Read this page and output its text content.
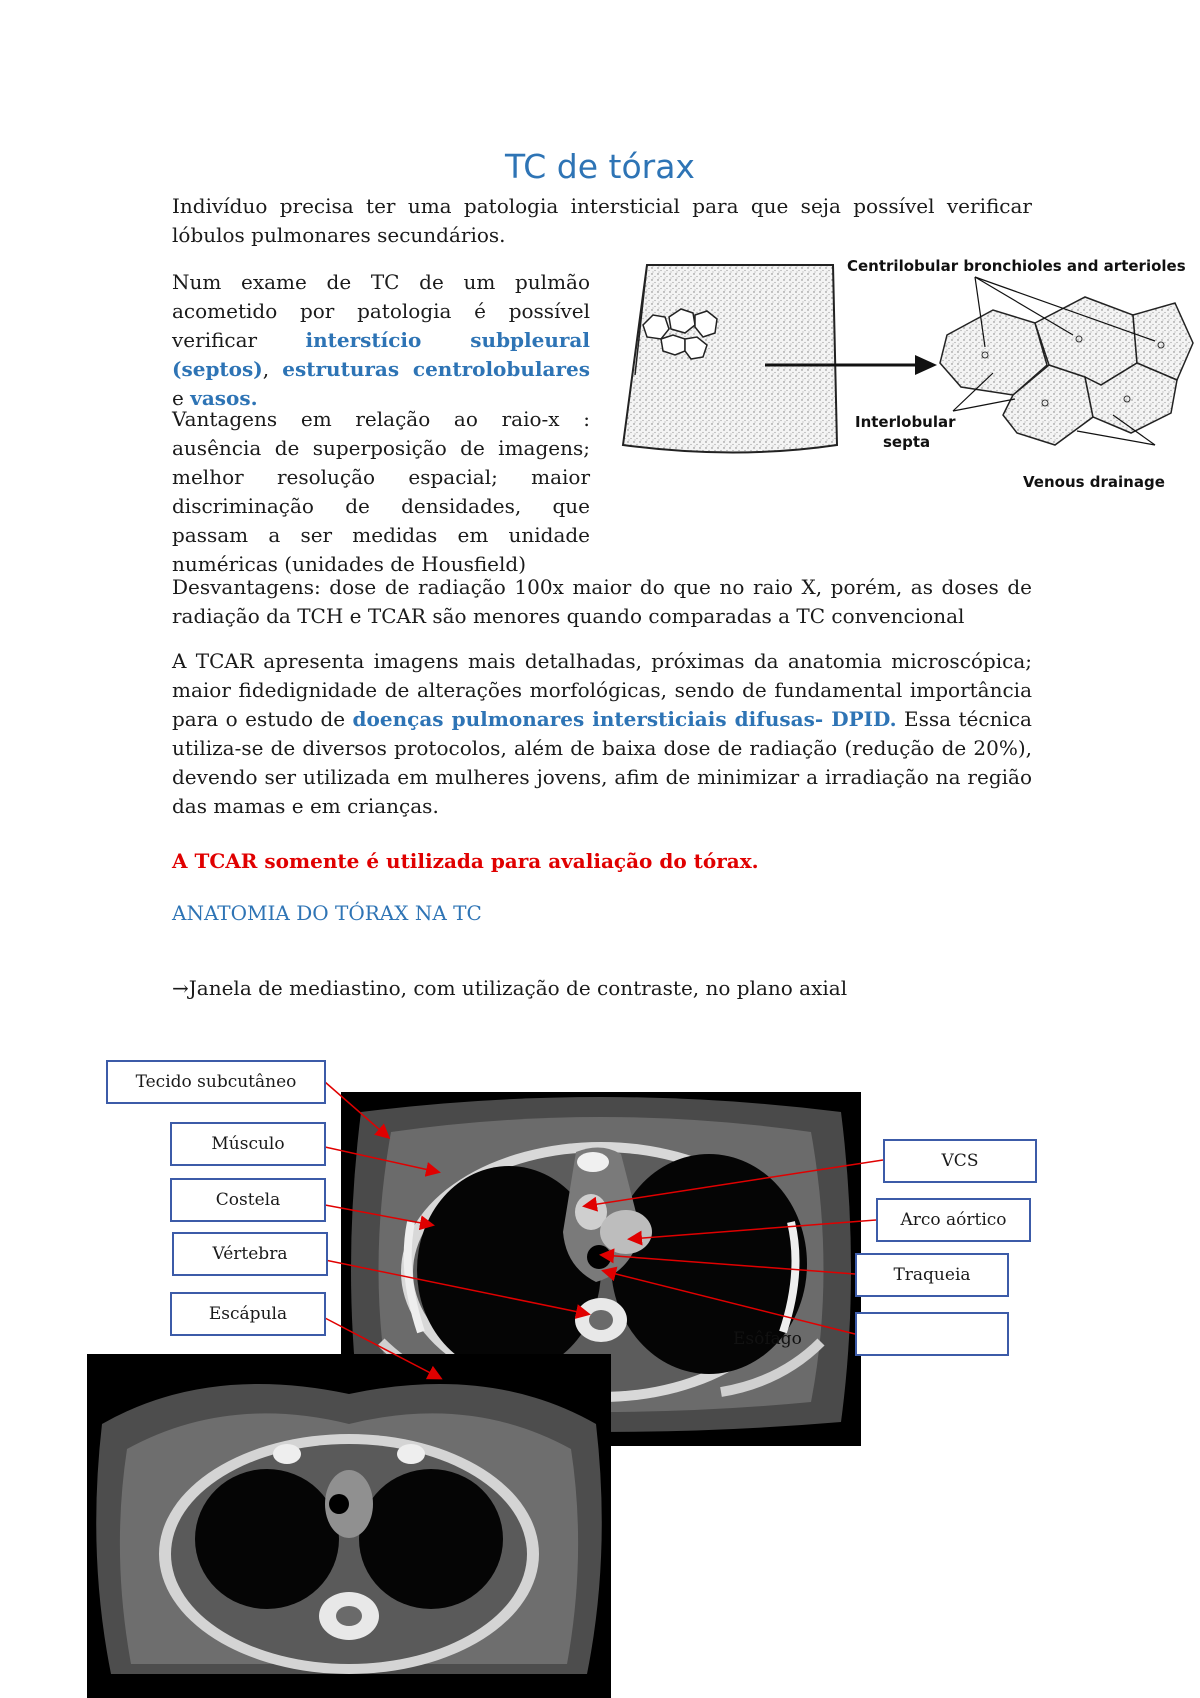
TC de tórax
Indivíduo precisa ter uma patologia intersticial para que seja possível verificar lóbulos pulmonares secundários.
Num exame de TC de um pulmão acometido por patologia é possível verificar interstício subpleural (septos), estruturas centrolobulares e vasos.
Vantagens em relação ao raio-x : ausência de superposição de imagens; melhor resolução espacial; maior discriminação de densidades, que passam a ser medidas em unidade numéricas (unidades de Housfield)
Centrilobular bronchioles and arterioles
Interlobular
septa
Venous drainage
Desvantagens: dose de radiação 100x maior do que no raio X, porém, as doses de radiação da TCH e TCAR são menores quando comparadas a TC convencional
A TCAR apresenta imagens mais detalhadas, próximas da anatomia microscópica; maior fidedignidade de alterações morfológicas, sendo de fundamental importância para o estudo de doenças pulmonares intersticiais difusas- DPID. Essa técnica utiliza-se de diversos protocolos, além de baixa dose de radiação (redução de 20%), devendo ser utilizada em mulheres jovens, afim de minimizar a irradiação na região das mamas e em crianças.
A TCAR somente é utilizada para avaliação do tórax.
ANATOMIA DO TÓRAX NA TC
→Janela de mediastino, com utilização de contraste, no plano axial
Esôfago
Tecido subcutâneo
Músculo
Costela
Vértebra
Escápula
VCS
Arco aórtico
Traqueia
